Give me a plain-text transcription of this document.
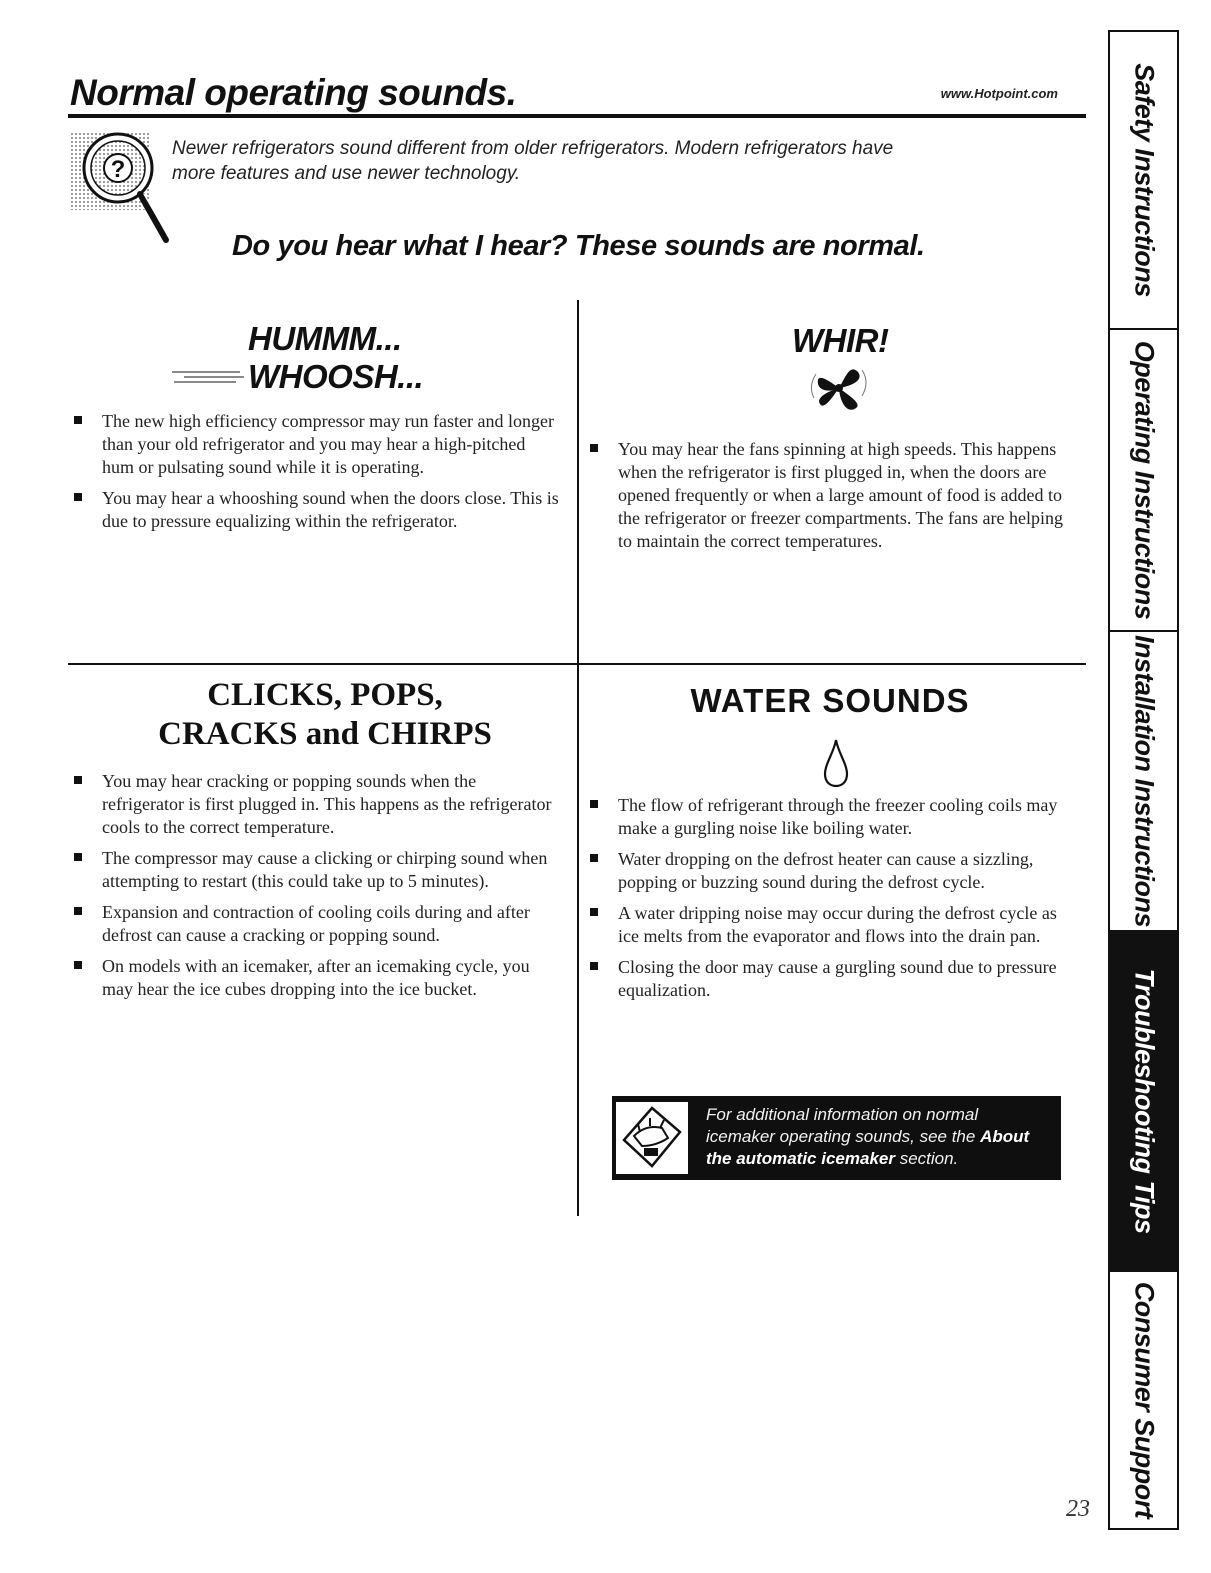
Normal operating sounds.	www.Hotpoint.com
?
Newer refrigerators sound different from older refrigerators. Modern refrigerators have more features and use newer technology.
Do you hear what I hear? These sounds are normal.
HUMMM...
WHOOSH...
The new high efficiency compressor may run faster and longer than your old refrigerator and you may hear a high-pitched hum or pulsating sound while it is operating.
You may hear a whooshing sound when the doors close. This is due to pressure equalizing within the refrigerator.
WHIR!
You may hear the fans spinning at high speeds. This happens when the refrigerator is first plugged in, when the doors are opened frequently or when a large amount of food is added to the refrigerator or freezer compartments. The fans are helping to maintain the correct temperatures.
CLICKS, POPS,
CRACKS and CHIRPS
You may hear cracking or popping sounds when the refrigerator is first plugged in. This happens as the refrigerator cools to the correct temperature.
The compressor may cause a clicking or chirping sound when attempting to restart (this could take up to 5 minutes).
Expansion and contraction of cooling coils during and after defrost can cause a cracking or popping sound.
On models with an icemaker, after an icemaking cycle, you may hear the ice cubes dropping into the ice bucket.
WATER SOUNDS
The flow of refrigerant through the freezer cooling coils may make a gurgling noise like boiling water.
Water dropping on the defrost heater can cause a sizzling, popping or buzzing sound during the defrost cycle.
A water dripping noise may occur during the defrost cycle as ice melts from the evaporator and flows into the drain pan.
Closing the door may cause a gurgling sound due to pressure equalization.
For additional information on normal icemaker operating sounds, see the About the automatic icemaker section.
23
Safety Instructions
Operating Instructions
Installation Instructions
Troubleshooting Tips
Consumer Support
